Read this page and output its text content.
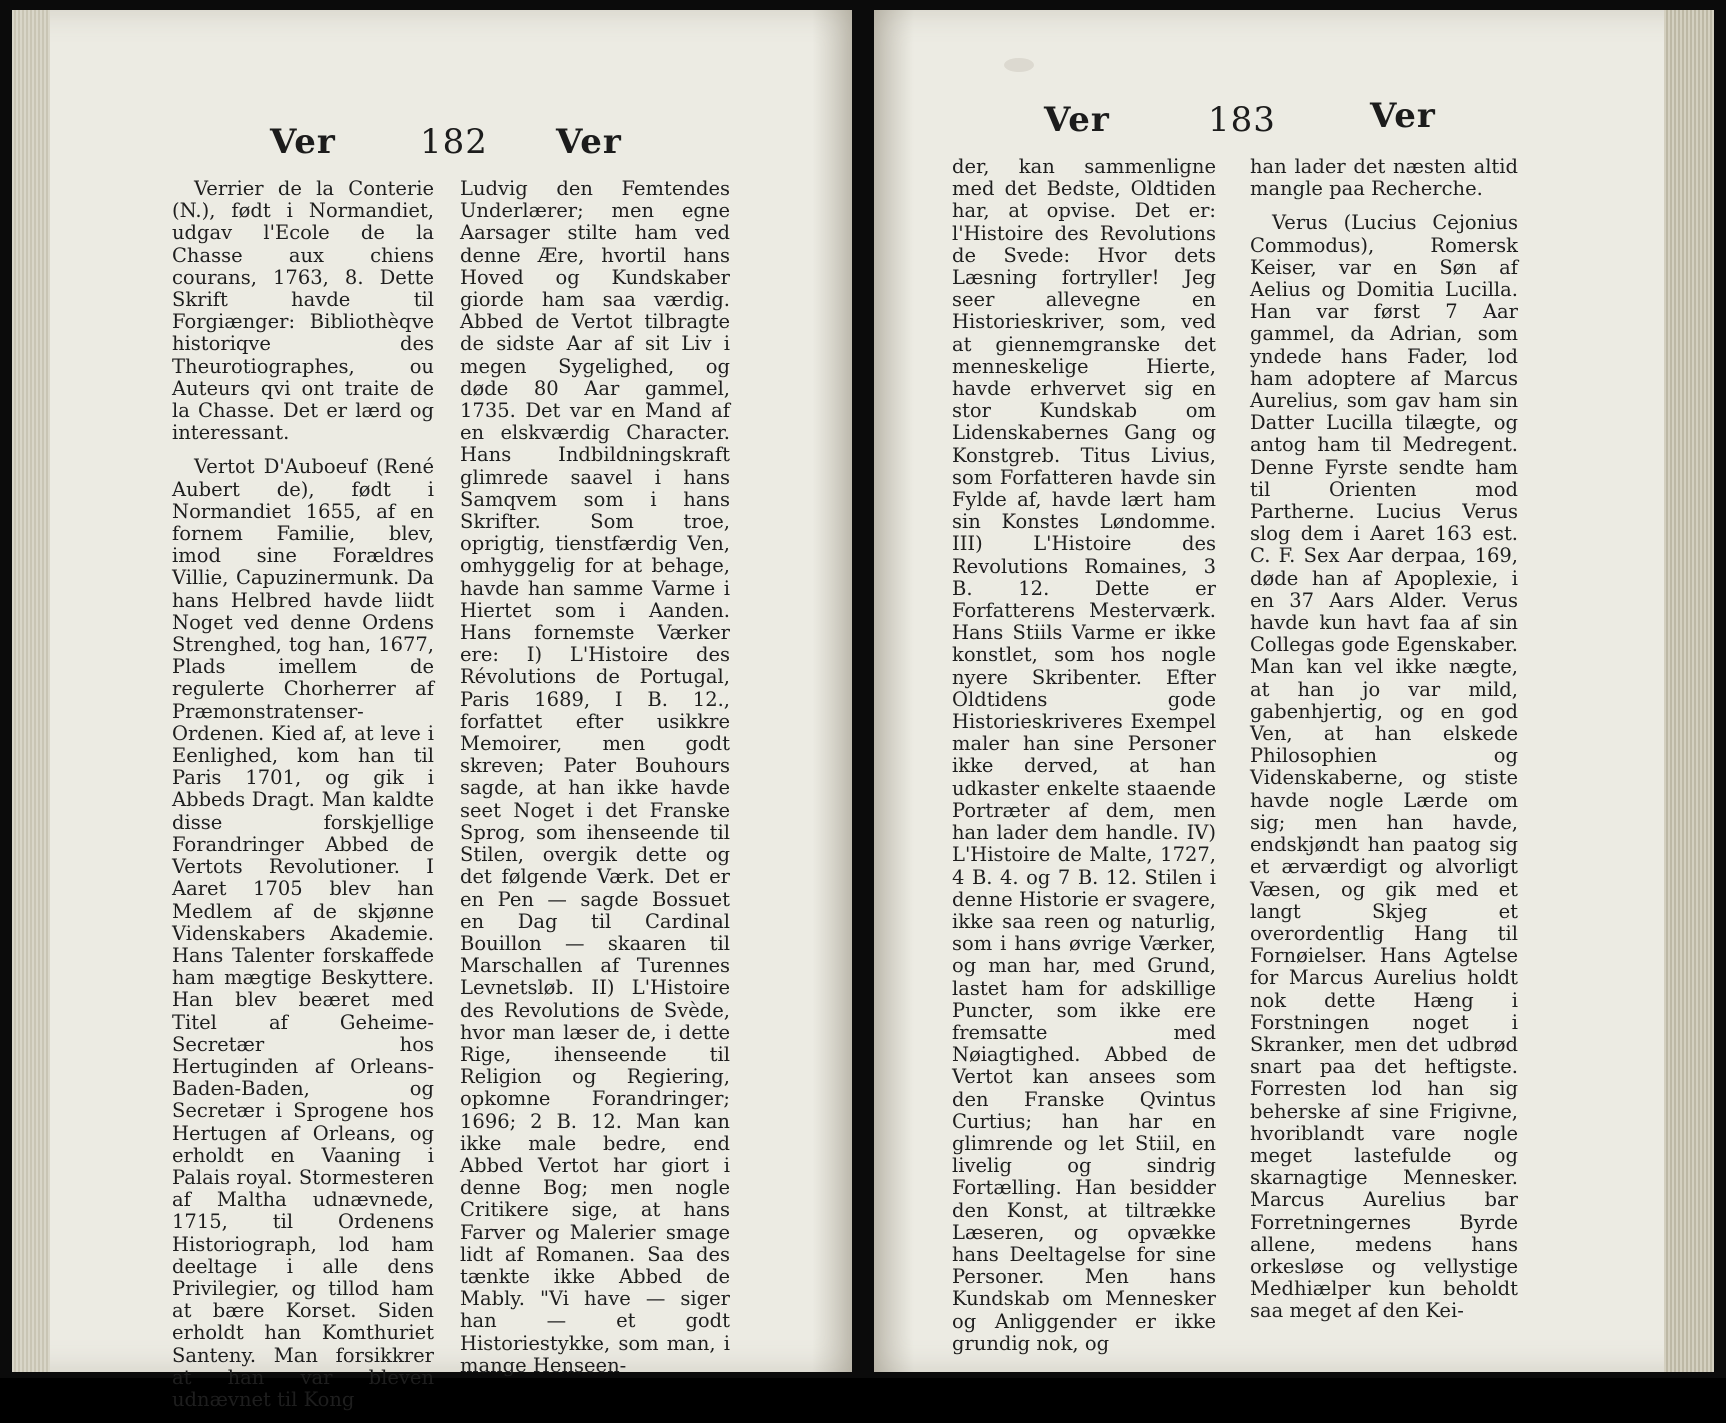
Ver 182 Ver

Verrier de la Conterie (N.), født i Normandiet, udgav l'Ecole de la Chasse aux chiens courans, 1763, 8. Dette Skrift havde til Forgiænger: Bibliothèqve historiqve des Theurotiographes, ou Auteurs qvi ont traite de la Chasse. Det er lærd og interessant.

Vertot D'Auboeuf (René Aubert de), født i Normandiet 1655, af en fornem Familie, blev, imod sine Forældres Villie, Capuzinermunk. Da hans Helbred havde liidt Noget ved denne Ordens Strenghed, tog han, 1677, Plads imellem de regulerte Chorherrer af Præmonstratenser-Ordenen. Kied af, at leve i Eenlighed, kom han til Paris 1701, og gik i Abbeds Dragt. Man kaldte disse forskjellige Forandringer Abbed de Vertots Revolutioner. I Aaret 1705 blev han Medlem af de skjønne Videnskabers Akademie. Hans Talenter forskaffede ham mægtige Beskyttere. Han blev beæret med Titel af Geheime-Secretær hos Hertuginden af Orleans-Baden-Baden, og Secretær i Sprogene hos Hertugen af Orleans, og erholdt en Vaaning i Palais royal. Stormesteren af Maltha udnævnede, 1715, til Ordenens Historiograph, lod ham deeltage i alle dens Privilegier, og tillod ham at bære Korset. Siden erholdt han Komthuriet Santeny. Man forsikkrer at han var bleven udnævnet til Kong

Ludvig den Femtendes Underlærer; men egne Aarsager stilte ham ved denne Ære, hvortil hans Hoved og Kundskaber giorde ham saa værdig. Abbed de Vertot tilbragte de sidste Aar af sit Liv i megen Sygelighed, og døde 80 Aar gammel, 1735. Det var en Mand af en elskværdig Character. Hans Indbildningskraft glimrede saavel i hans Samqvem som i hans Skrifter. Som troe, oprigtig, tienstfærdig Ven, omhyggelig for at behage, havde han samme Varme i Hiertet som i Aanden. Hans fornemste Værker ere: I) L'Histoire des Révolutions de Portugal, Paris 1689, I B. 12., forfattet efter usikkre Memoirer, men godt skreven; Pater Bouhours sagde, at han ikke havde seet Noget i det Franske Sprog, som ihenseende til Stilen, overgik dette og det følgende Værk. Det er en Pen — sagde Bossuet en Dag til Cardinal Bouillon — skaaren til Marschallen af Turennes Levnetsløb. II) L'Histoire des Revolutions de Svède, hvor man læser de, i dette Rige, ihenseende til Religion og Regiering, opkomne Forandringer; 1696; 2 B. 12. Man kan ikke male bedre, end Abbed Vertot har giort i denne Bog; men nogle Critikere sige, at hans Farver og Malerier smage lidt af Romanen. Saa des tænkte ikke Abbed de Mably. "Vi have — siger han — et godt Historiestykke, som man, i mange Henseen-

Ver	183	Ver

der, kan sammenligne med det Bedste, Oldtiden har, at opvise. Det er: l'Histoire des Revolutions de Svede: Hvor dets Læsning fortryller! Jeg seer allevegne en Historieskriver, som, ved at giennemgranske det menneskelige Hierte, havde erhvervet sig en stor Kundskab om Lidenskabernes Gang og Konstgreb. Titus Livius, som Forfatteren havde sin Fylde af, havde lært ham sin Konstes Løndomme. III) L'Histoire des Revolutions Romaines, 3 B. 12. Dette er Forfatterens Mesterværk. Hans Stiils Varme er ikke konstlet, som hos nogle nyere Skribenter. Efter Oldtidens gode Historieskriveres Exempel maler han sine Personer ikke derved, at han udkaster enkelte staaende Portræter af dem, men han lader dem handle. IV) L'Histoire de Malte, 1727, 4 B. 4. og 7 B. 12. Stilen i denne Historie er svagere, ikke saa reen og naturlig, som i hans øvrige Værker, og man har, med Grund, lastet ham for adskillige Puncter, som ikke ere fremsatte med Nøiagtighed. Abbed de Vertot kan ansees som den Franske Qvintus Curtius; han har en glimrende og let Stiil, en livelig og sindrig Fortælling. Han besidder den Konst, at tiltrække Læseren, og opvække hans Deeltagelse for sine Personer. Men hans Kundskab om Mennesker og Anliggender er ikke grundig nok, og

han lader det næsten altid mangle paa Recherche.

Verus (Lucius Cejonius Commodus), Romersk Keiser, var en Søn af Aelius og Domitia Lucilla. Han var først 7 Aar gammel, da Adrian, som yndede hans Fader, lod ham adoptere af Marcus Aurelius, som gav ham sin Datter Lucilla tilægte, og antog ham til Medregent. Denne Fyrste sendte ham til Orienten mod Partherne. Lucius Verus slog dem i Aaret 163 est. C. F. Sex Aar derpaa, 169, døde han af Apoplexie, i en 37 Aars Alder. Verus havde kun havt faa af sin Collegas gode Egenskaber. Man kan vel ikke nægte, at han jo var mild, gabenhjertig, og en god Ven, at han elskede Philosophien og Videnskaberne, og stiste havde nogle Lærde om sig; men han havde, endskjøndt han paatog sig et ærværdigt og alvorligt Væsen, og gik med et langt Skjeg et overordentlig Hang til Fornøielser. Hans Agtelse for Marcus Aurelius holdt nok dette Hæng i Forstningen noget i Skranker, men det udbrød snart paa det heftigste. Forresten lod han sig beherske af sine Frigivne, hvoriblandt vare nogle meget lastefulde og skarnagtige Mennesker. Marcus Aurelius bar Forretningernes Byrde allene, medens hans orkesløse og vellystige Medhiælper kun beholdt saa meget af den Kei-
